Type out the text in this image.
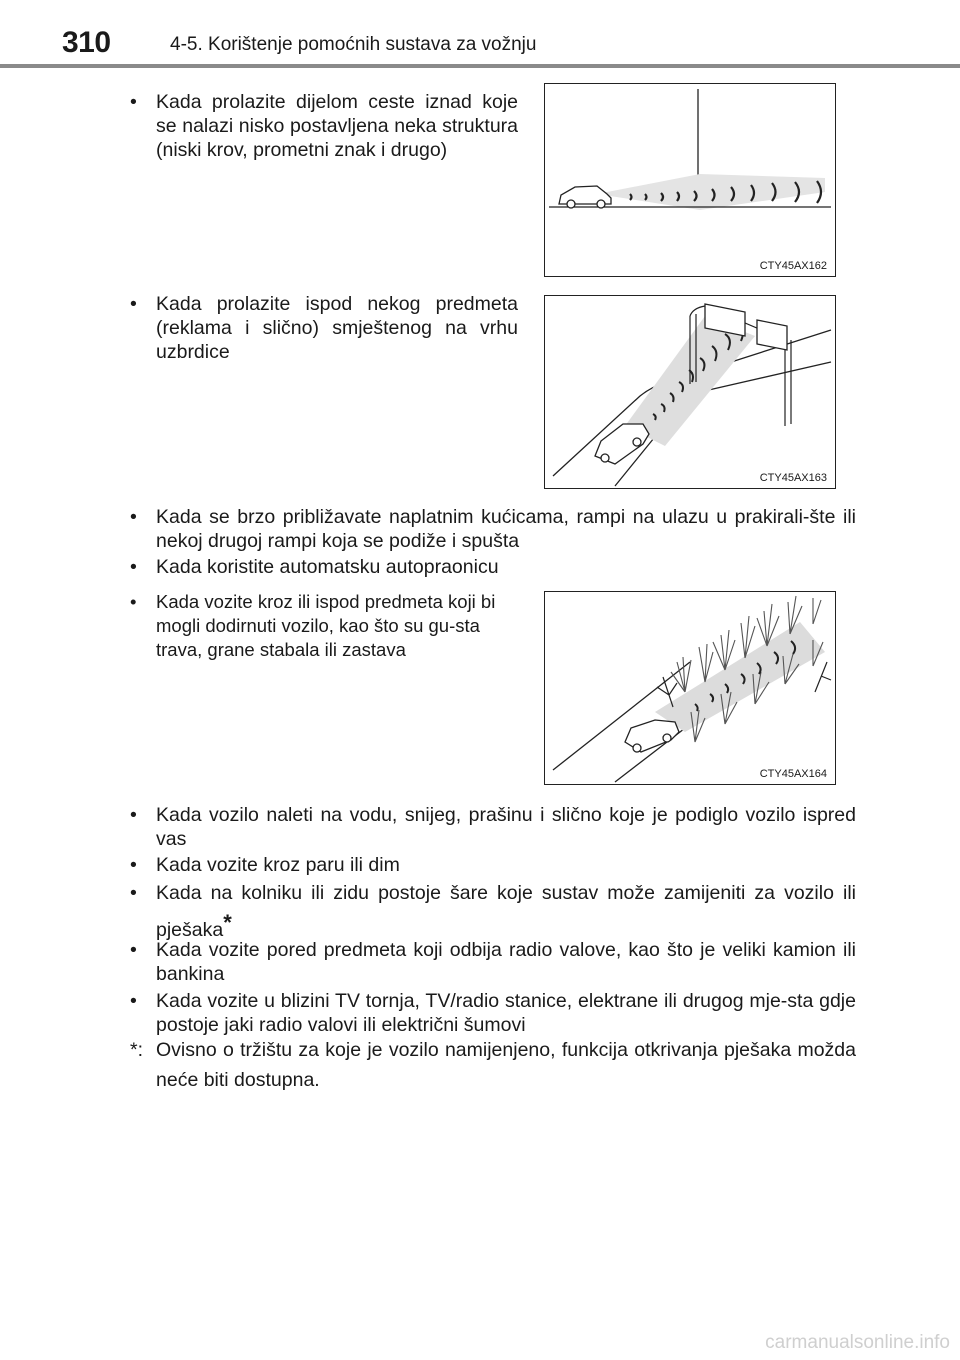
310	4-5. Korištenje pomoćnih sustava za vožnju
• Kada prolazite dijelom ceste iznad koje se nalazi nisko postavljena neka struktura (niski krov, prometni znak i drugo)
CTY45AX162
• Kada prolazite ispod nekog predmeta (reklama i slično) smještenog na vrhu uzbrdice
CTY45AX163
• Kada se brzo približavate naplatnim kućicama, rampi na ulazu u prakirali-šte ili nekoj drugoj rampi koja se podiže i spušta
• Kada koristite automatsku autopraonicu
•	Kada vozite kroz ili ispod predmeta koji bi mogli dodirnuti vozilo, kao što su gu-sta trava, grane stabala ili zastava
CTY45AX164
• Kada vozilo naleti na vodu, snijeg, prašinu i slično koje je podiglo vozilo ispred vas
• Kada vozite kroz paru ili dim
• Kada na kolniku ili zidu postoje šare koje sustav može zamijeniti za vozilo ili pješaka*
• Kada vozite pored predmeta koji odbija radio valove, kao što je veliki kamion ili bankina
• Kada vozite u blizini TV tornja, TV/radio stanice, elektrane ili drugog mje-sta gdje postoje jaki radio valovi ili električni šumovi
*: Ovisno o tržištu za koje je vozilo namijenjeno, funkcija otkrivanja pješaka možda neće biti dostupna.
carmanualsonline.info
